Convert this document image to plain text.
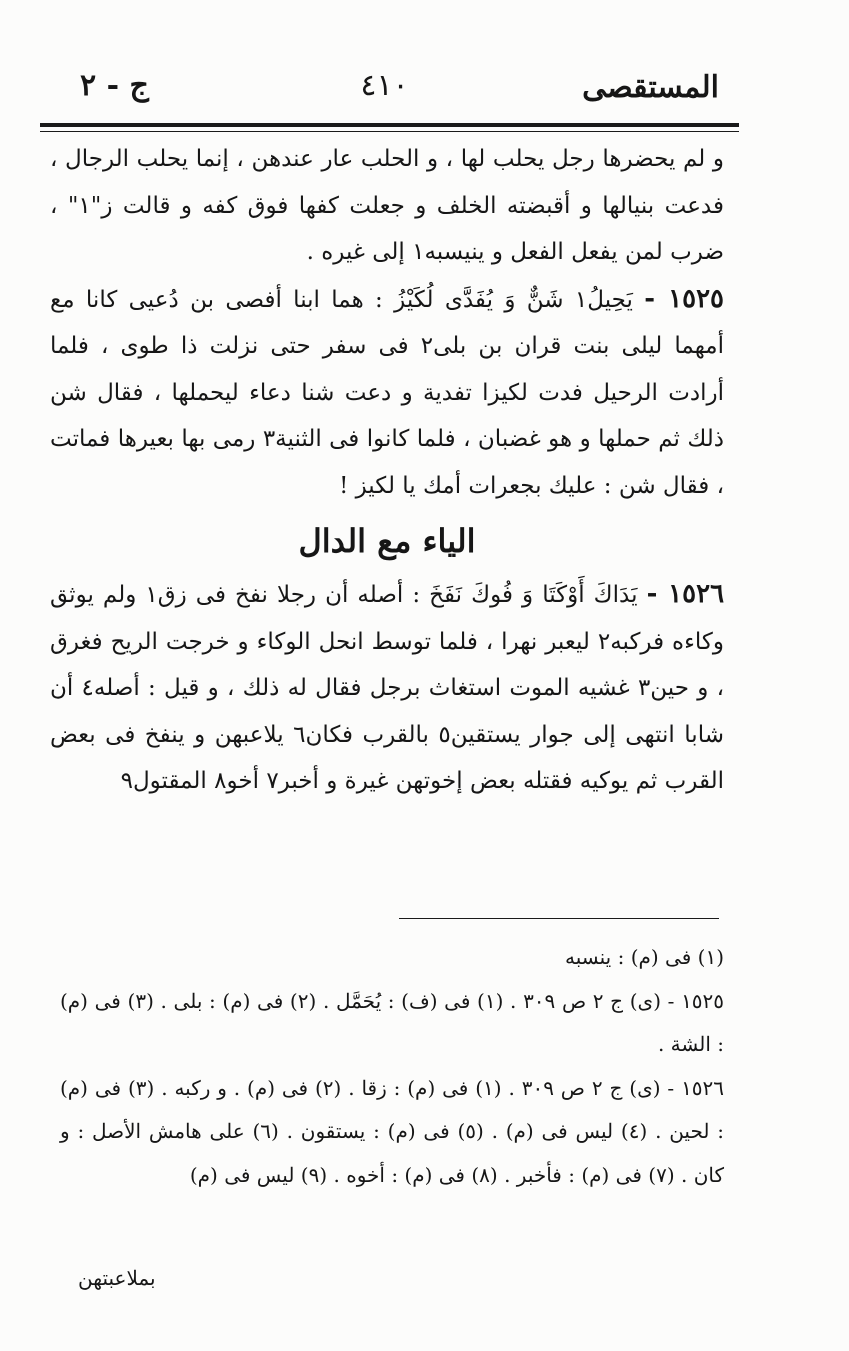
المستقصى
٤١٠
ج - ٢

و لم يحضرها رجل يحلب لها ، و الحلب عار عندهن ، إنما يحلب الرجال ، فدعت بنيالها و أقبضته الخلف و جعلت كفها فوق كفه و قالت ز"١" ، ضرب لمن يفعل الفعل و ينيسبه١ إلى غيره .

١٥٢٥ - يَحِيلُ١ شَنٌّ وَ يُفَدَّى لُكَيْزُ : هما ابنا أفصى بن دُعيى كانا مع أمهما ليلى بنت قران بن بلى٢ فى سفر حتى نزلت ذا طوى ، فلما أرادت الرحيل فدت لكيزا تفدية و دعت شنا دعاء ليحملها ، فقال شن ذلك ثم حملها و هو غضبان ، فلما كانوا فى الثنية٣ رمى بها بعيرها فماتت ، فقال شن : عليك بجعرات أمك يا لكيز !

الياء مع الدال

١٥٢٦ - يَدَاكَ أَوْكَتَا وَ فُوكَ نَفَخَ : أصله أن رجلا نفخ فى زق١ ولم يوثق وكاءه فركبه٢ ليعبر نهرا ، فلما توسط انحل الوكاء و خرجت الريح فغرق ، و حين٣ غشيه الموت استغاث برجل فقال له ذلك ، و قيل : أصله٤ أن شابا انتهى إلى جوار يستقين٥ بالقرب فكان٦ يلاعبهن و ينفخ فى بعض القرب ثم يوكيه فقتله بعض إخوتهن غيرة و أخبر٧ أخو٨ المقتول٩

(١) فى (م) : ينسبه

١٥٢٥ - (ى) ج ٢ ص ٣٠٩ . (١) فى (ف) : يُحَمَّل . (٢) فى (م) : بلى . (٣) فى (م) : الشة .

١٥٢٦ - (ى) ج ٢ ص ٣٠٩ . (١) فى (م) : زقا . (٢) فى (م) . و ركبه . (٣) فى (م) : لحين . (٤) ليس فى (م) . (٥) فى (م) : يستقون . (٦) على هامش الأصل : و كان . (٧) فى (م) : فأخبر . (٨) فى (م) : أخوه . (٩) ليس فى (م)

بملاعبتهن
